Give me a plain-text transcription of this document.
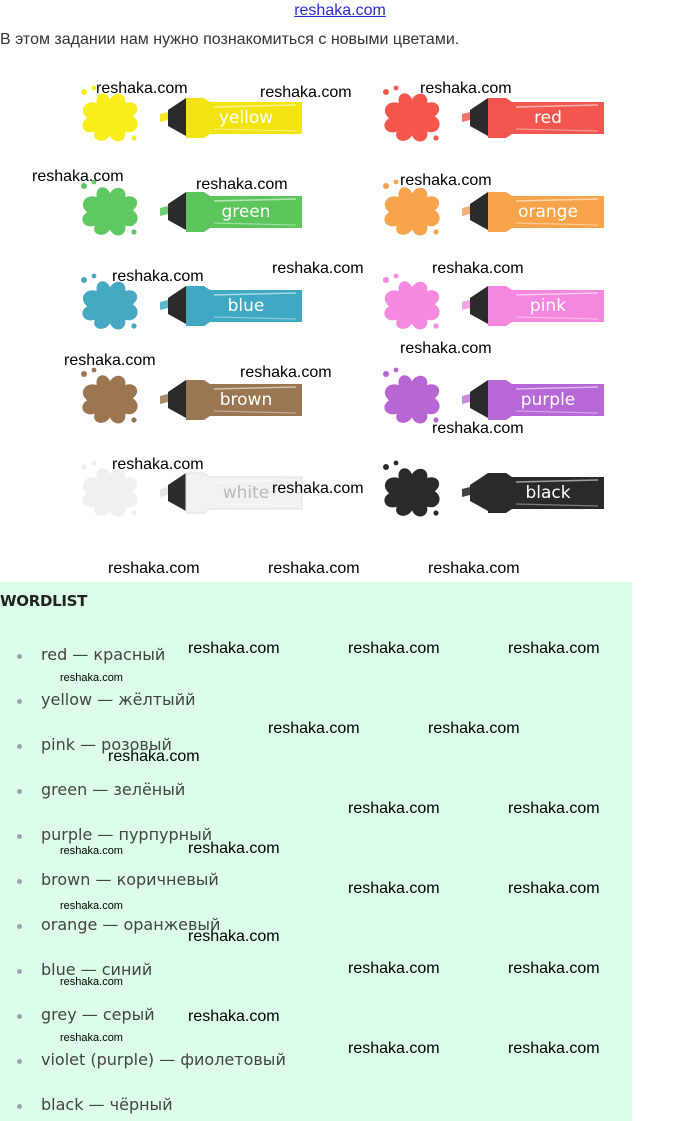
reshaka.com
В этом задании нам нужно познакомиться с новыми цветами.
yellow	red
green	orange
blue	pink
brown	purple
white	black
WORDLIST
red — красный
yellow — жёлтыйй
pink — розовый
green — зелёный
purple — пурпурный
brown — коричневый
orange — оранжевый
blue — синий
grey — серый
violet (purple) — фиолетовый
black — чёрный
reshaka.com	reshaka.com	reshaka.com
reshaka.com	reshaka.com	reshaka.com
reshaka.com	reshaka.com	reshaka.com
reshaka.com
reshaka.com
reshaka.com
reshaka.com
reshaka.com
reshaka.com
reshaka.com	reshaka.com	reshaka.com
reshaka.com	reshaka.com	reshaka.com
reshaka.com	reshaka.com
reshaka.com
reshaka.com	reshaka.com
reshaka.com
reshaka.com	reshaka.com
reshaka.com
reshaka.com	reshaka.com
reshaka.com
reshaka.com	reshaka.com
reshaka.com
reshaka.com
reshaka.com
reshaka.com
reshaka.com
